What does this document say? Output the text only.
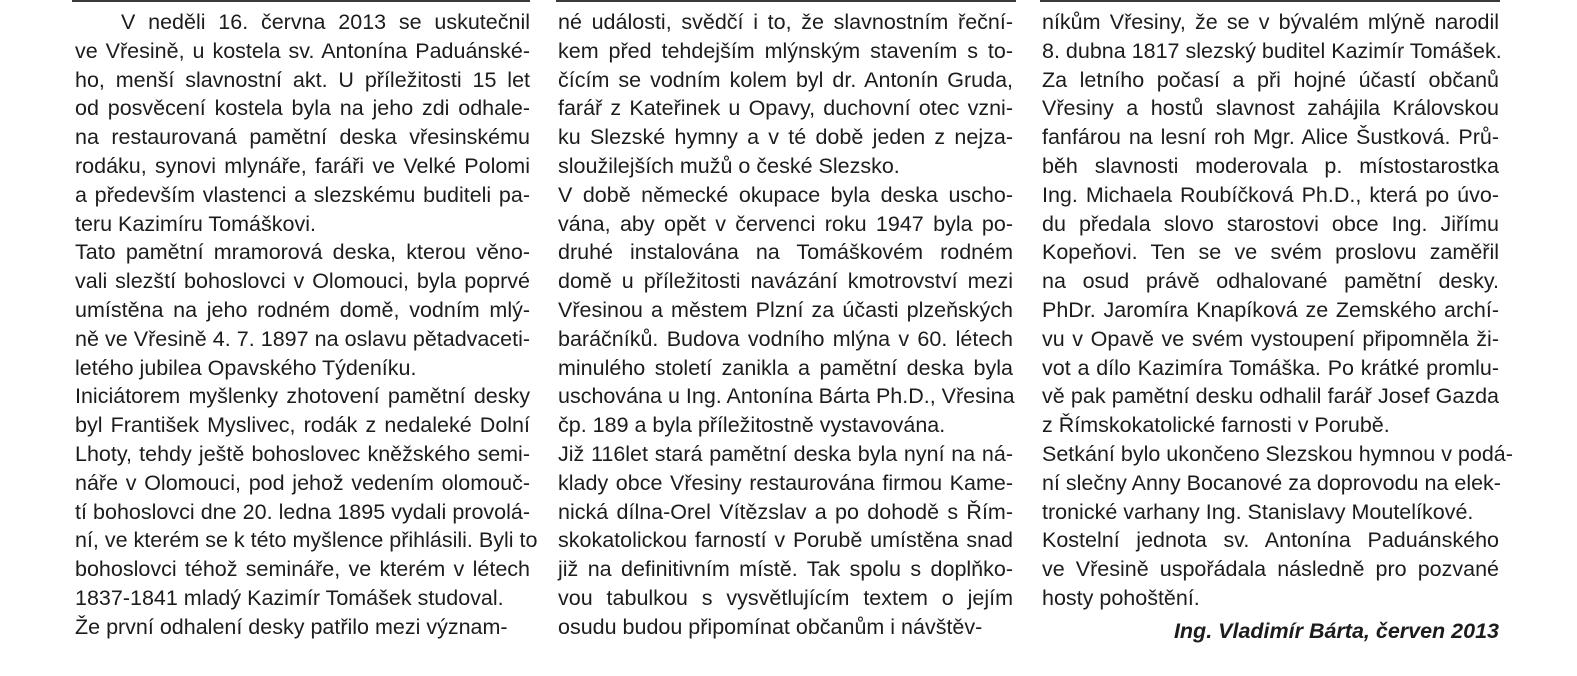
V neděli 16. června 2013 se uskutečnil
ve Vřesině, u kostela sv. Antonína Paduánské-
ho, menší slavnostní akt. U příležitosti 15 let
od posvěcení kostela byla na jeho zdi odhale-
na restaurovaná pamětní deska vřesinskému
rodáku, synovi mlynáře, faráři ve Velké Polomi
a především vlastenci a slezskému buditeli pa-
teru Kazimíru Tomáškovi.
Tato pamětní mramorová deska, kterou věno-
vali slezští bohoslovci v Olomouci, byla poprvé
umístěna na jeho rodném domě, vodním mlý-
ně ve Vřesině 4. 7. 1897 na oslavu pětadvaceti-
letého jubilea Opavského Týdeníku.
Iniciátorem myšlenky zhotovení pamětní desky
byl František Myslivec, rodák z nedaleké Dolní
Lhoty, tehdy ještě bohoslovec kněžského semi-
náře v Olomouci, pod jehož vedením olomouč-
tí bohoslovci dne 20. ledna 1895 vydali provolá-
ní, ve kterém se k této myšlence přihlásili. Byli to
bohoslovci téhož semináře, ve kterém v létech
1837-1841 mladý Kazimír Tomášek studoval.
Že první odhalení desky patřilo mezi význam-
né události, svědčí i to, že slavnostním řeční-
kem před tehdejším mlýnským stavením s to-
čícím se vodním kolem byl dr. Antonín Gruda,
farář z Kateřinek u Opavy, duchovní otec vzni-
ku Slezské hymny a v té době jeden z nejza-
sloužilejších mužů o české Slezsko.
V době německé okupace byla deska uscho-
vána, aby opět v červenci roku 1947 byla po-
druhé instalována na Tomáškovém rodném
domě u příležitosti navázání kmotrovství mezi
Vřesinou a městem Plzní za účasti plzeňských
baráčníků. Budova vodního mlýna v 60. létech
minulého století zanikla a pamětní deska byla
uschována u Ing. Antonína Bárta Ph.D., Vřesina
čp. 189 a byla příležitostně vystavována.
Již 116let stará pamětní deska byla nyní na ná-
klady obce Vřesiny restaurována firmou Kame-
nická dílna-Orel Vítězslav a po dohodě s Řím-
skokatolickou farností v Porubě umístěna snad
již na definitivním místě. Tak spolu s doplňko-
vou tabulkou s vysvětlujícím textem o jejím
osudu budou připomínat občanům i návštěv-
níkům Vřesiny, že se v bývalém mlýně narodil
8. dubna 1817 slezský buditel Kazimír Tomášek.
Za letního počasí a při hojné účastí občanů
Vřesiny a hostů slavnost zahájila Královskou
fanfárou na lesní roh Mgr. Alice Šustková. Prů-
běh slavnosti moderovala p. místostarostka
Ing. Michaela Roubíčková Ph.D., která po úvo-
du předala slovo starostovi obce Ing. Jiřímu
Kopeňovi. Ten se ve svém proslovu zaměřil
na osud právě odhalované pamětní desky.
PhDr. Jaromíra Knapíková ze Zemského archí-
vu v Opavě ve svém vystoupení připomněla ži-
vot a dílo Kazimíra Tomáška. Po krátké promlu-
vě pak pamětní desku odhalil farář Josef Gazda
z Římskokatolické farnosti v Porubě.
Setkání bylo ukončeno Slezskou hymnou v podá-
ní slečny Anny Bocanové za doprovodu na elek-
tronické varhany Ing. Stanislavy Moutelíkové.
Kostelní jednota sv. Antonína Paduánského
ve Vřesině uspořádala následně pro pozvané
hosty pohoštění.
Ing. Vladimír Bárta, červen 2013
